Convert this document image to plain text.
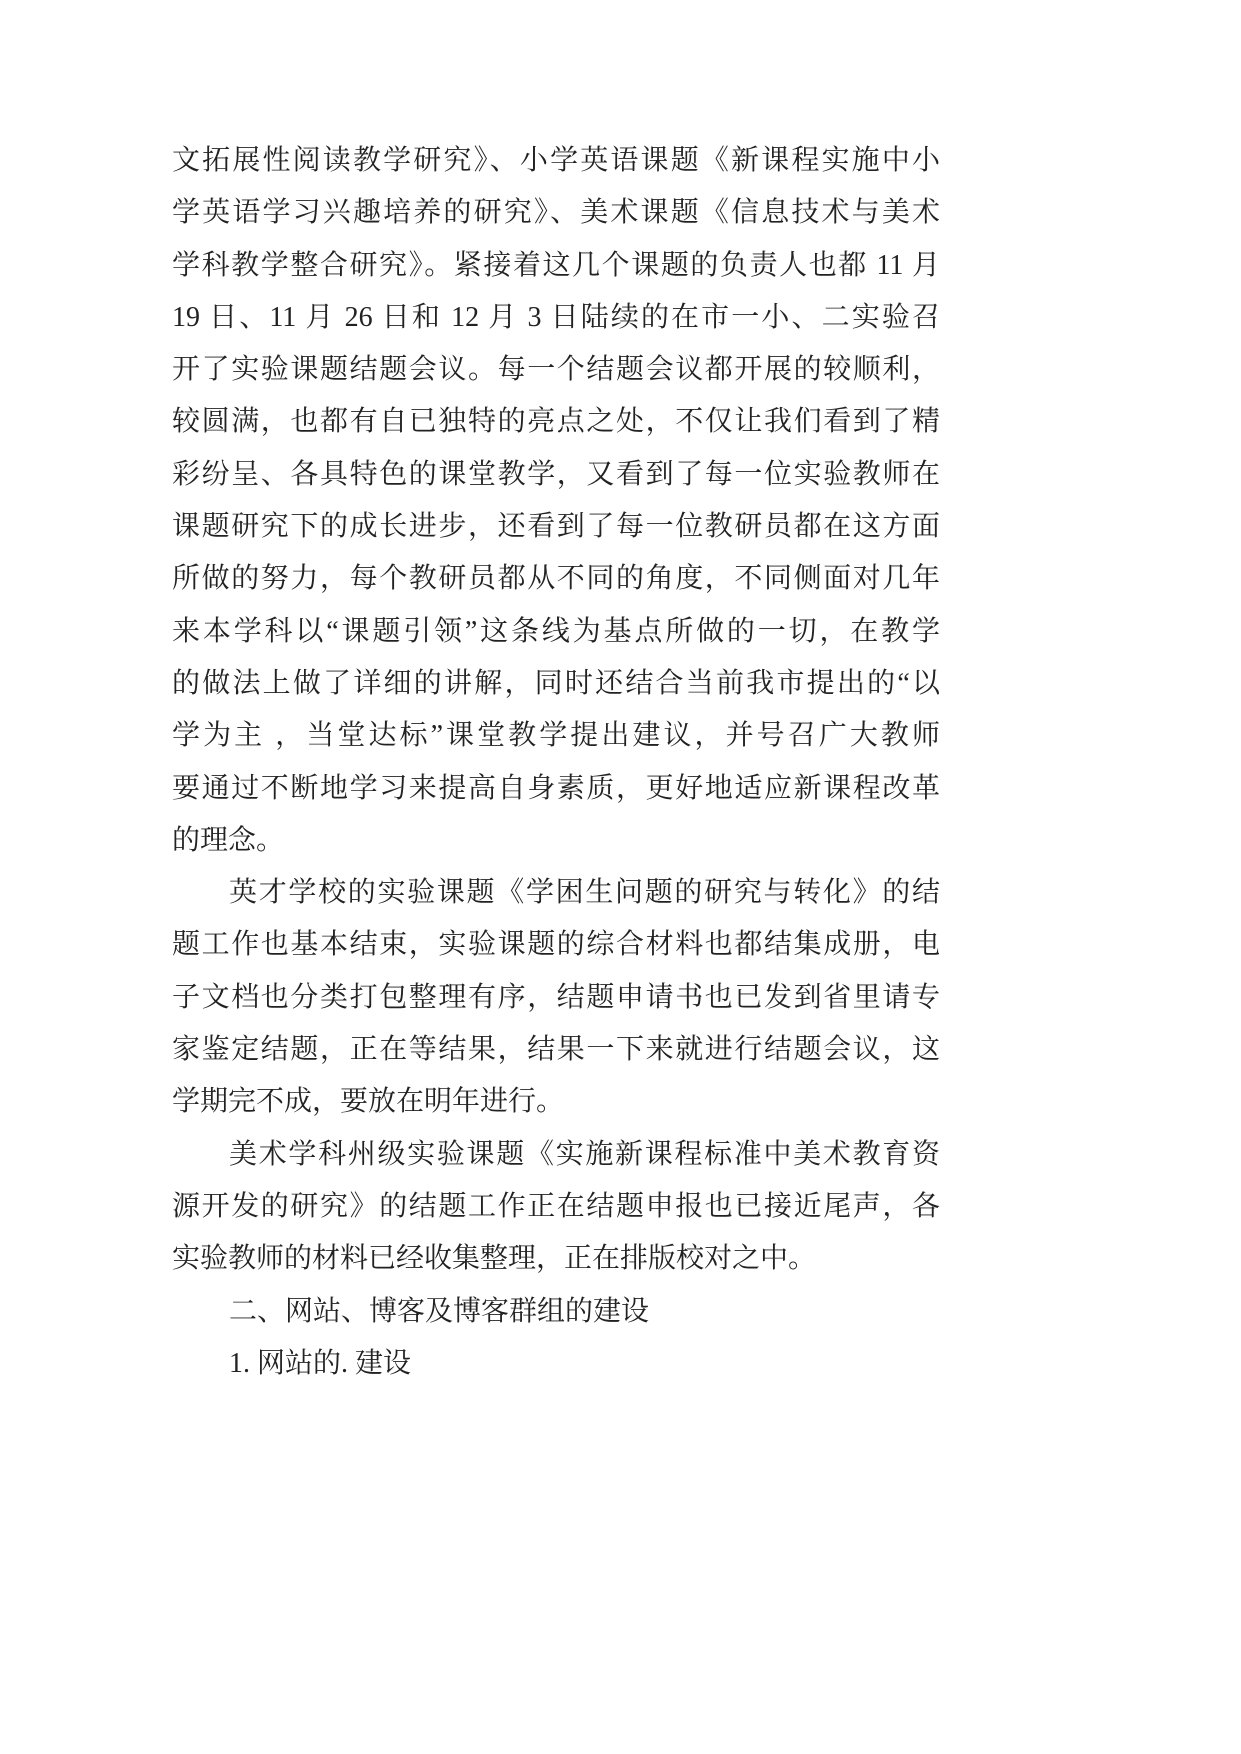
文拓展性阅读教学研究》、小学英语课题《新课程实施中小
学英语学习兴趣培养的研究》、美术课题《信息技术与美术
学科教学整合研究》。紧接着这几个课题的负责人也都 11 月
19 日、11 月 26 日和 12 月 3 日陆续的在市一小、二实验召
开了实验课题结题会议。每一个结题会议都开展的较顺利，
较圆满，也都有自已独特的亮点之处，不仅让我们看到了精
彩纷呈、各具特色的课堂教学，又看到了每一位实验教师在
课题研究下的成长进步，还看到了每一位教研员都在这方面
所做的努力，每个教研员都从不同的角度，不同侧面对几年
来本学科以“课题引领”这条线为基点所做的一切，在教学
的做法上做了详细的讲解，同时还结合当前我市提出的“以
学为主 ，当堂达标”课堂教学提出建议，并号召广大教师
要通过不断地学习来提高自身素质，更好地适应新课程改革
的理念。
英才学校的实验课题《学困生问题的研究与转化》的结
题工作也基本结束，实验课题的综合材料也都结集成册，电
子文档也分类打包整理有序，结题申请书也已发到省里请专
家鉴定结题，正在等结果，结果一下来就进行结题会议，这
学期完不成，要放在明年进行。
美术学科州级实验课题《实施新课程标准中美术教育资
源开发的研究》的结题工作正在结题申报也已接近尾声，各
实验教师的材料已经收集整理，正在排版校对之中。
二、网站、博客及博客群组的建设
1. 网站的. 建设
